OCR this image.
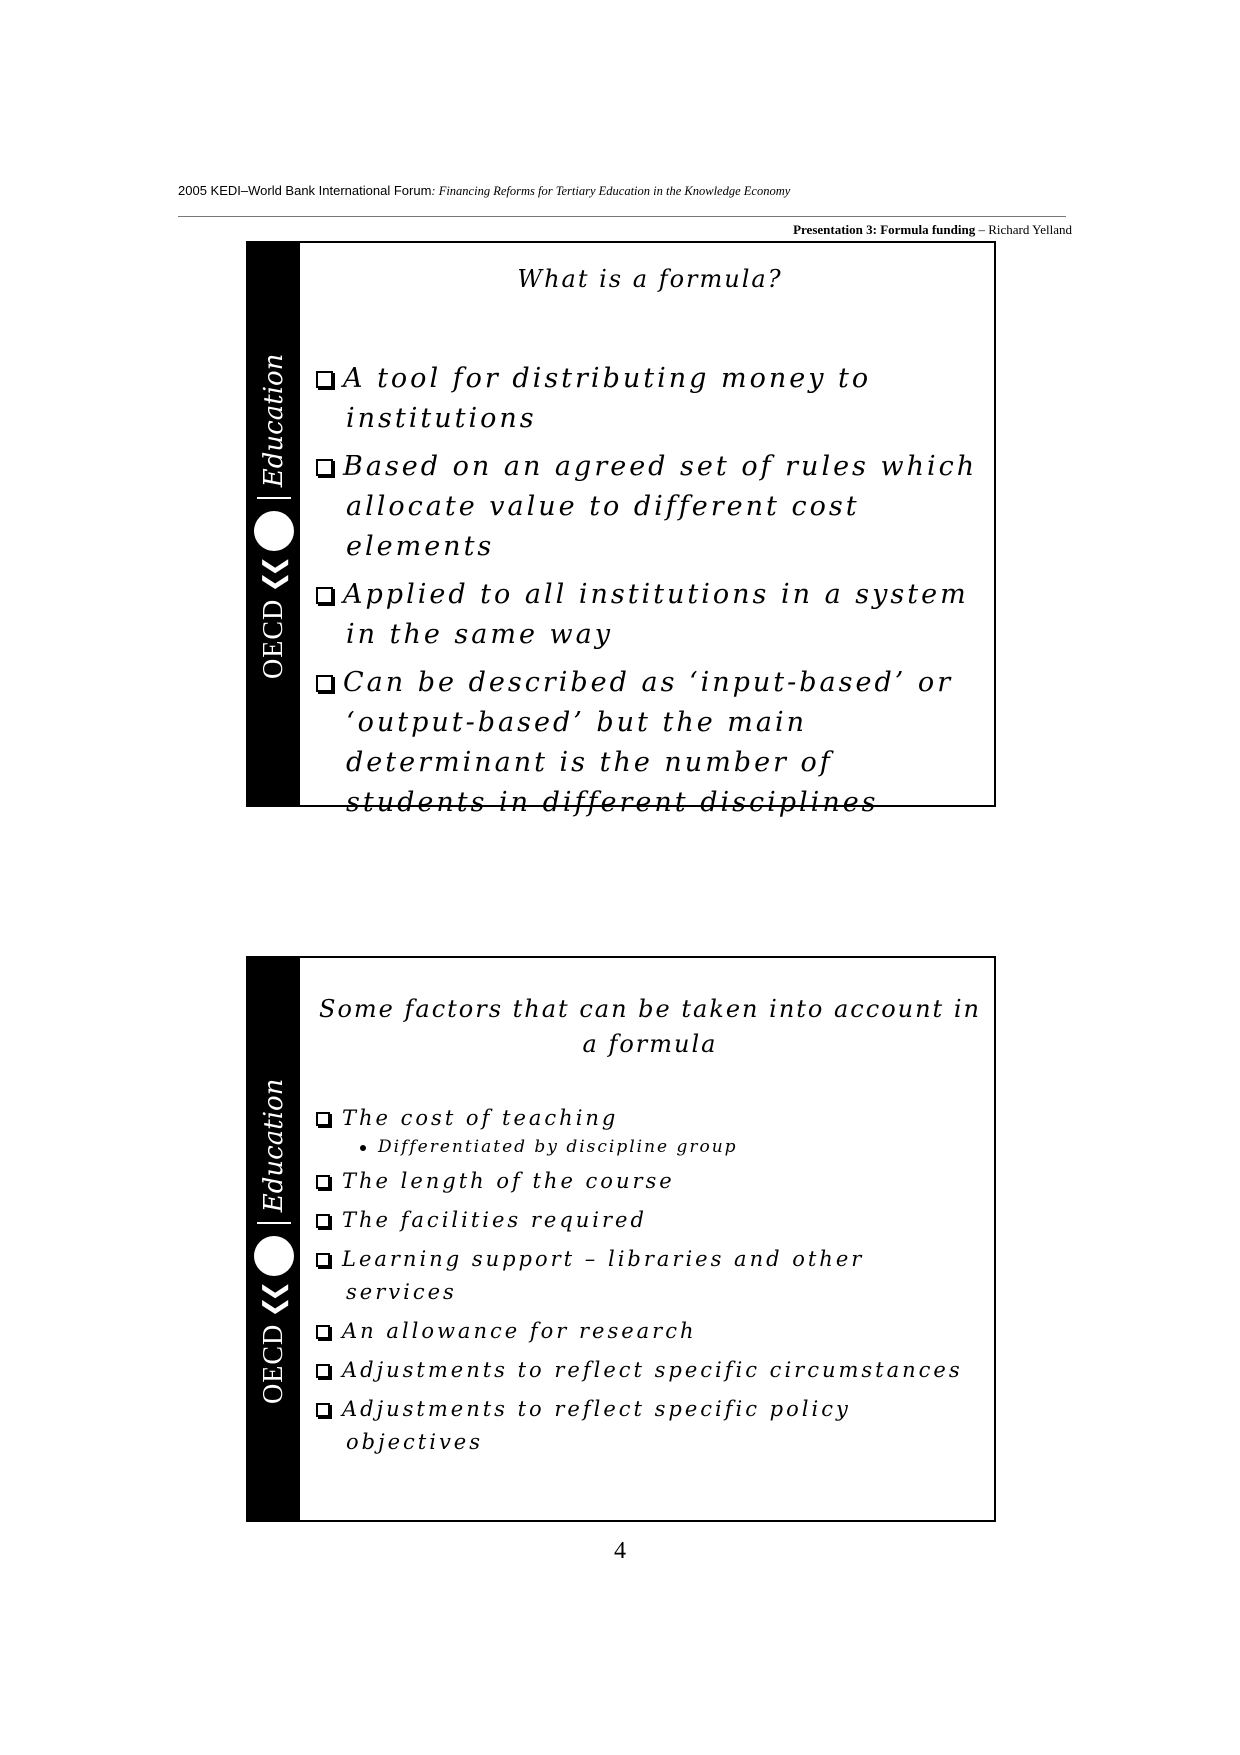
2005 KEDI–World Bank International Forum: Financing Reforms for Tertiary Education in the Knowledge Economy
Presentation 3: Formula funding – Richard Yelland
OECD
❮❮
Education
What is a formula?
A tool for distributing money to institutions
Based on an agreed set of rules which allocate value to different cost elements
Applied to all institutions in a system in the same way
Can be described as ‘input-based’ or ‘output-based’ but the main determinant is the number of students in different disciplines
OECD
❮❮
Education
Some factors that can be taken into account in a formula
The cost of teaching
Differentiated by discipline group
The length of the course
The facilities required
Learning support – libraries and other services
An allowance for research
Adjustments to reflect specific circumstances
Adjustments to reflect specific policy objectives
4
